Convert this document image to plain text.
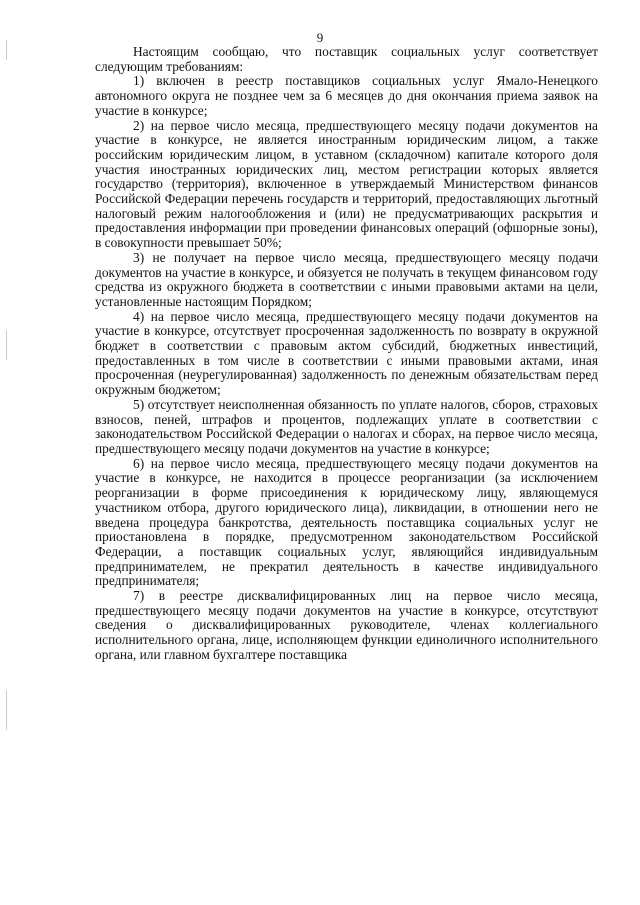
9

Настоящим сообщаю, что поставщик социальных услуг соответствует следующим требованиям:

1) включен в реестр поставщиков социальных услуг Ямало-Ненецкого автономного округа не позднее чем за 6 месяцев до дня окончания приема заявок на участие в конкурсе;

2) на первое число месяца, предшествующего месяцу подачи документов на участие в конкурсе, не является иностранным юридическим лицом, а также российским юридическим лицом, в уставном (складочном) капитале которого доля участия иностранных юридических лиц, местом регистрации которых является государство (территория), включенное в утверждаемый Министерством финансов Российской Федерации перечень государств и территорий, предоставляющих льготный налоговый режим налогообложения и (или) не предусматривающих раскрытия и предоставления информации при проведении финансовых операций (офшорные зоны), в совокупности превышает 50%;

3) не получает на первое число месяца, предшествующего месяцу подачи документов на участие в конкурсе, и обязуется не получать в текущем финансовом году средства из окружного бюджета в соответствии с иными правовыми актами на цели, установленные настоящим Порядком;

4) на первое число месяца, предшествующего месяцу подачи документов на участие в конкурсе, отсутствует просроченная задолженность по возврату в окружной бюджет в соответствии с правовым актом субсидий, бюджетных инвестиций, предоставленных в том числе в соответствии с иными правовыми актами, иная просроченная (неурегулированная) задолженность по денежным обязательствам перед окружным бюджетом;

5) отсутствует неисполненная обязанность по уплате налогов, сборов, страховых взносов, пеней, штрафов и процентов, подлежащих уплате в соответствии с законодательством Российской Федерации о налогах и сборах, на первое число месяца, предшествующего месяцу подачи документов на участие в конкурсе;

6) на первое число месяца, предшествующего месяцу подачи документов на участие в конкурсе, не находится в процессе реорганизации (за исключением реорганизации в форме присоединения к юридическому лицу, являющемуся участником отбора, другого юридического лица), ликвидации, в отношении него не введена процедура банкротства, деятельность поставщика социальных услуг не приостановлена в порядке, предусмотренном законодательством Российской Федерации, а поставщик социальных услуг, являющийся индивидуальным предпринимателем, не прекратил деятельность в качестве индивидуального предпринимателя;

7) в реестре дисквалифицированных лиц на первое число месяца, предшествующего месяцу подачи документов на участие в конкурсе, отсутствуют сведения о дисквалифицированных руководителе, членах коллегиального исполнительного органа, лице, исполняющем функции единоличного исполнительного органа, или главном бухгалтере поставщика
